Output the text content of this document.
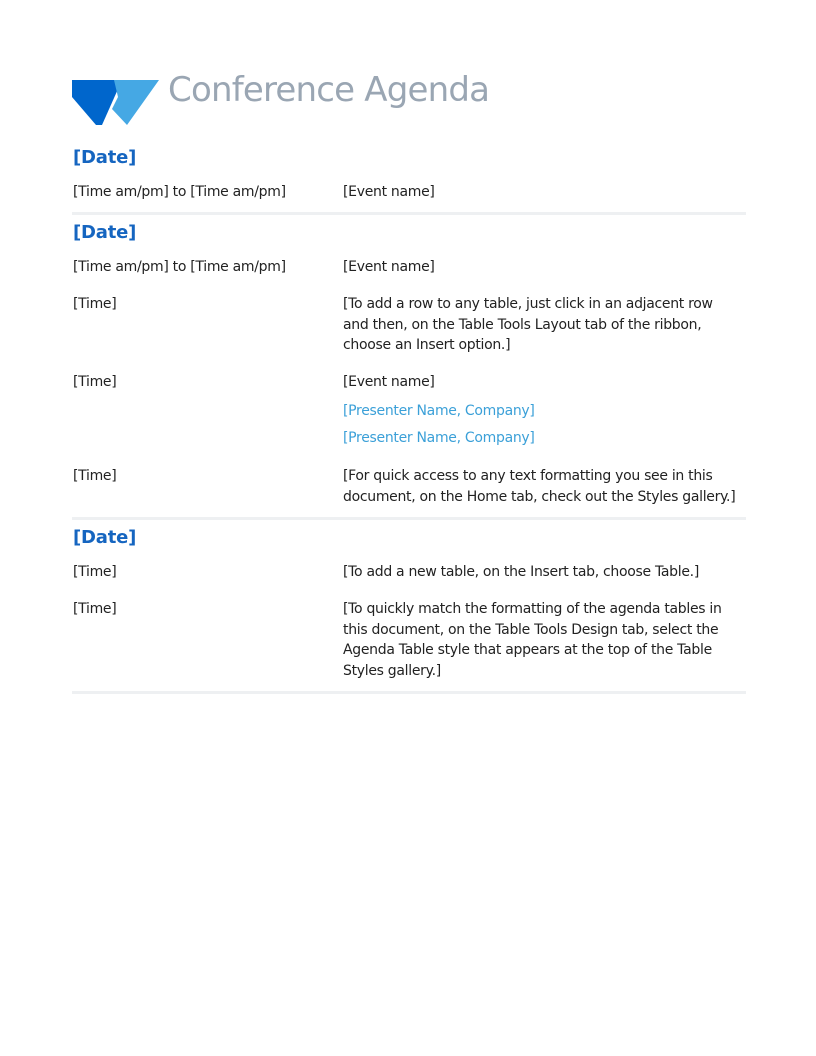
Conference Agenda
[Date]
[Time am/pm] to [Time am/pm]	[Event name]
[Date]
[Time am/pm] to [Time am/pm]	[Event name]
[Time]	[To add a row to any table, just click in an adjacent row and then, on the Table Tools Layout tab of the ribbon, choose an Insert option.]
[Time]	[Event name]
[Presenter Name, Company]
[Presenter Name, Company]
[Time]	[For quick access to any text formatting you see in this document, on the Home tab, check out the Styles gallery.]
[Date]
[Time]	[To add a new table, on the Insert tab, choose Table.]
[Time]	[To quickly match the formatting of the agenda tables in this document, on the Table Tools Design tab, select the Agenda Table style that appears at the top of the Table Styles gallery.]
